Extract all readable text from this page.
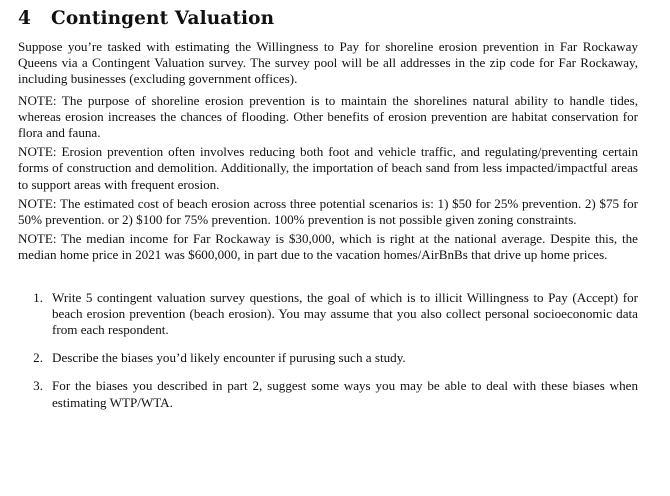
4	Contingent Valuation

Suppose you’re tasked with estimating the Willingness to Pay for shoreline erosion prevention in Far Rockaway Queens via a Contingent Valuation survey. The survey pool will be all addresses in the zip code for Far Rockaway, including businesses (excluding government offices).

NOTE: The purpose of shoreline erosion prevention is to maintain the shorelines natural ability to handle tides, whereas erosion increases the chances of flooding. Other benefits of erosion prevention are habitat conservation for flora and fauna.

NOTE: Erosion prevention often involves reducing both foot and vehicle traffic, and regulating/preventing certain forms of construction and demolition. Additionally, the importation of beach sand from less impacted/impactful areas to support areas with frequent erosion.

NOTE: The estimated cost of beach erosion across three potential scenarios is: 1) $50 for 25% prevention. 2) $75 for 50% prevention. or 2) $100 for 75% prevention. 100% prevention is not possible given zoning constraints.

NOTE: The median income for Far Rockaway is $30,000, which is right at the national average. Despite this, the median home price in 2021 was $600,000, in part due to the vacation homes/AirBnBs that drive up home prices.

1. Write 5 contingent valuation survey questions, the goal of which is to illicit Willingness to Pay (Accept) for beach erosion prevention (beach erosion). You may assume that you also collect personal socioeconomic data from each respondent.
2. Describe the biases you’d likely encounter if purusing such a study.
3. For the biases you described in part 2, suggest some ways you may be able to deal with these biases when estimating WTP/WTA.
